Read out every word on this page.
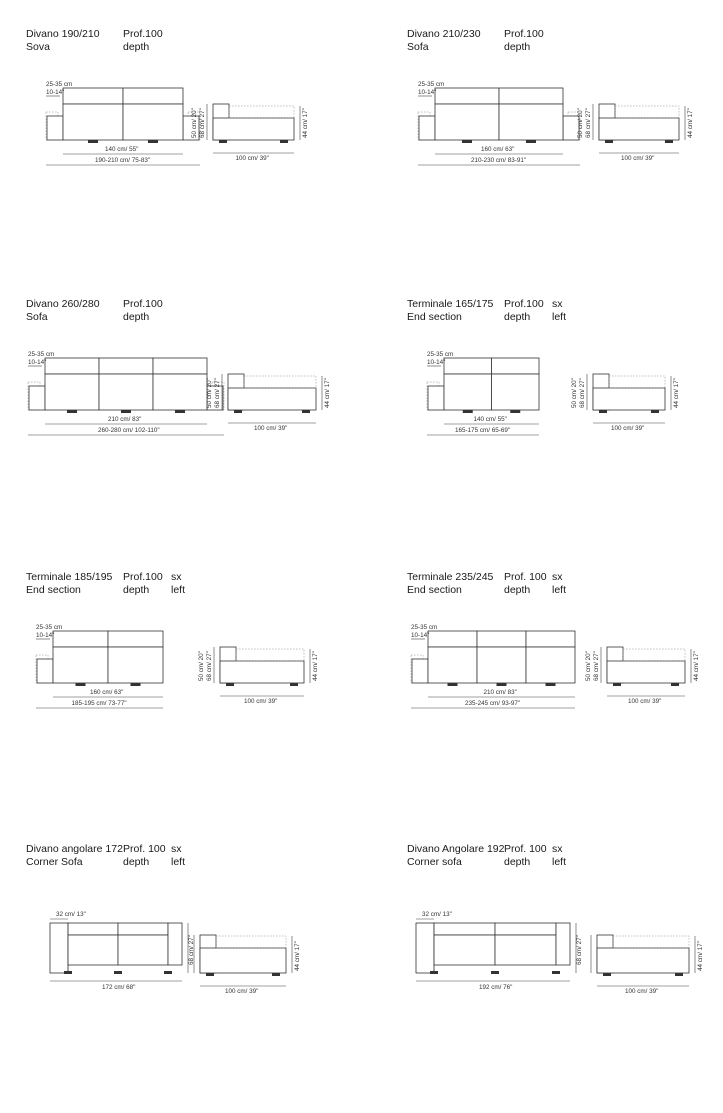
Divano 190/210
Sova
Prof.100
depth
25-35 cm
10-14"
140 cm/ 55"
190-210 cm/ 75-83"	100 cm/ 39"
44 cm/ 17"
68 cm/ 27"
50 cm/ 20"
Divano 210/230
Sofa
Prof.100
depth
25-35 cm
10-14"
160 cm/ 63"
210-230 cm/ 83-91"	100 cm/ 39"
44 cm/ 17"
68 cm/ 27"
50 cm/ 20"
Divano 260/280
Sofa
Prof.100
depth
25-35 cm
10-14"
210 cm/ 83"
260-280 cm/ 102-110"	100 cm/ 39"
44 cm/ 17"
68 cm/ 27"
50 cm/ 20"
Terminale 165/175
End section
Prof.100
depth
sx
left
25-35 cm
10-14"
140 cm/ 55"
165-175 cm/ 65-69"	100 cm/ 39"
44 cm/ 17"
68 cm/ 27"
50 cm/ 20"
Terminale 185/195
End section
Prof.100
depth
sx
left
25-35 cm
10-14"
160 cm/ 63"
185-195 cm/ 73-77"	100 cm/ 39"
44 cm/ 17"
68 cm/ 27"
50 cm/ 20"
Terminale 235/245
End section
Prof. 100
depth
sx
left
25-35 cm
10-14"
210 cm/ 83"
235-245 cm/ 93-97"	100 cm/ 39"
44 cm/ 17"
68 cm/ 27"
50 cm/ 20"
Divano angolare 172
Corner Sofa
Prof. 100
depth
sx
left
32 cm/ 13"
172 cm/ 68"
68 cm/ 27"
100 cm/ 39"
44 cm/ 17"
Divano Angolare 192
Corner sofa
Prof. 100
depth
sx
left
32 cm/ 13"
192 cm/ 76"
68 cm/ 27"
100 cm/ 39"
44 cm/ 17"
